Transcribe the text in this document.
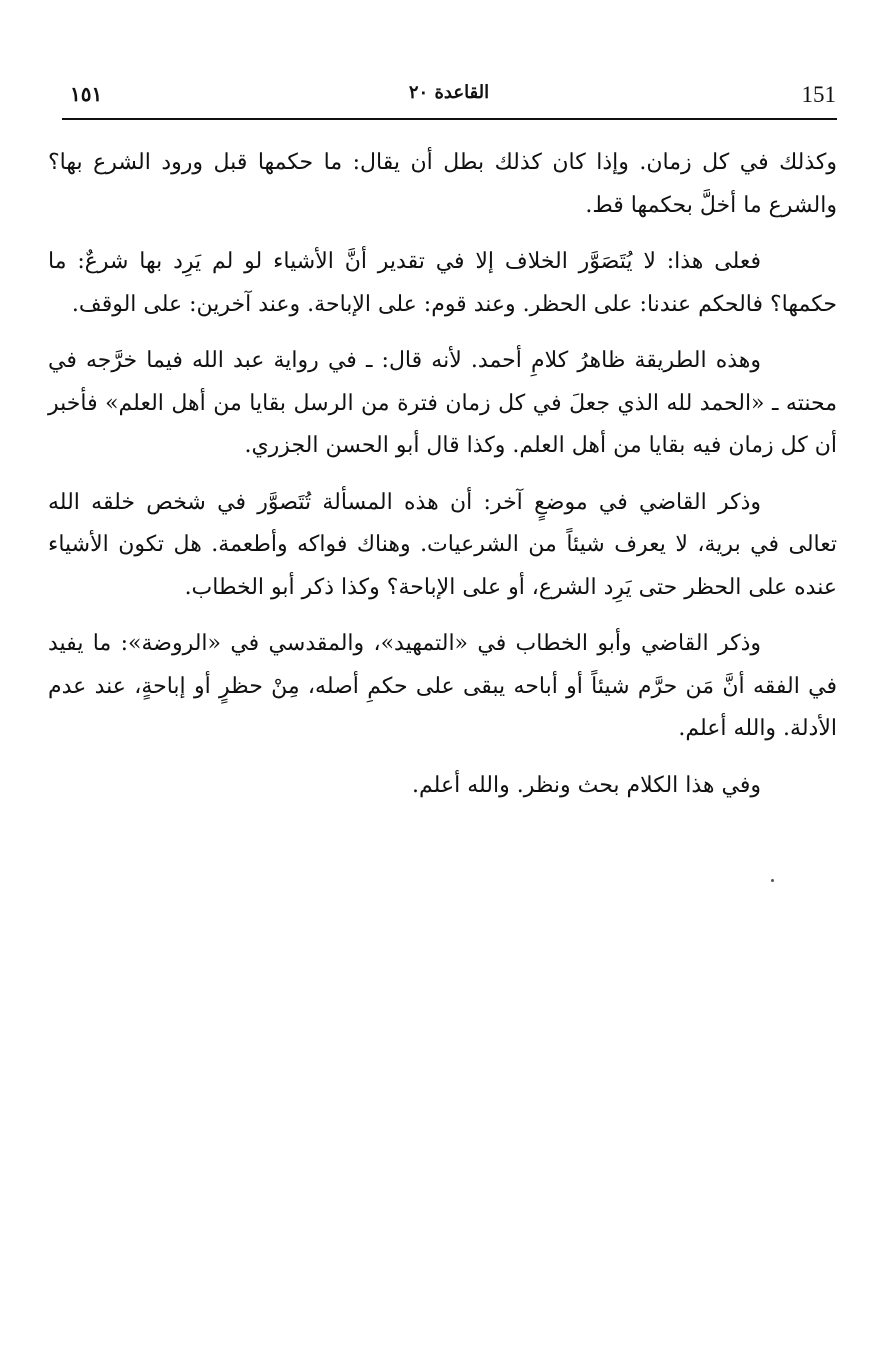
151
القاعدة ٢٠
١٥١

وكذلك في كل زمان. وإذا كان كذلك بطل أن يقال: ما حكمها قبل ورود الشرع بها؟ والشرع ما أخلَّ بحكمها قط.

فعلى هذا: لا يُتَصَوَّر الخلاف إلا في تقدير أنَّ الأشياء لو لم يَرِد بها شرعٌ: ما حكمها؟ فالحكم عندنا: على الحظر. وعند قوم: على الإباحة. وعند آخرين: على الوقف.

وهذه الطريقة ظاهرُ كلامِ أحمد. لأنه قال: ـ في رواية عبد الله فيما خرَّجه في محنته ـ «الحمد لله الذي جعلَ في كل زمان فترة من الرسل بقايا من أهل العلم» فأخبر أن كل زمان فيه بقايا من أهل العلم. وكذا قال أبو الحسن الجزري.

وذكر القاضي في موضعٍ آخر: أن هذه المسألة تُتَصوَّر في شخص خلقه الله تعالى في برية، لا يعرف شيئاً من الشرعيات. وهناك فواكه وأطعمة. هل تكون الأشياء عنده على الحظر حتى يَرِد الشرع، أو على الإباحة؟ وكذا ذكر أبو الخطاب.

وذكر القاضي وأبو الخطاب في «التمهيد»، والمقدسي في «الروضة»: ما يفيد في الفقه أنَّ مَن حرَّم شيئاً أو أباحه يبقى على حكمِ أصله، مِنْ حظرٍ أو إباحةٍ، عند عدم الأدلة. والله أعلم.

وفي هذا الكلام بحث ونظر. والله أعلم.
